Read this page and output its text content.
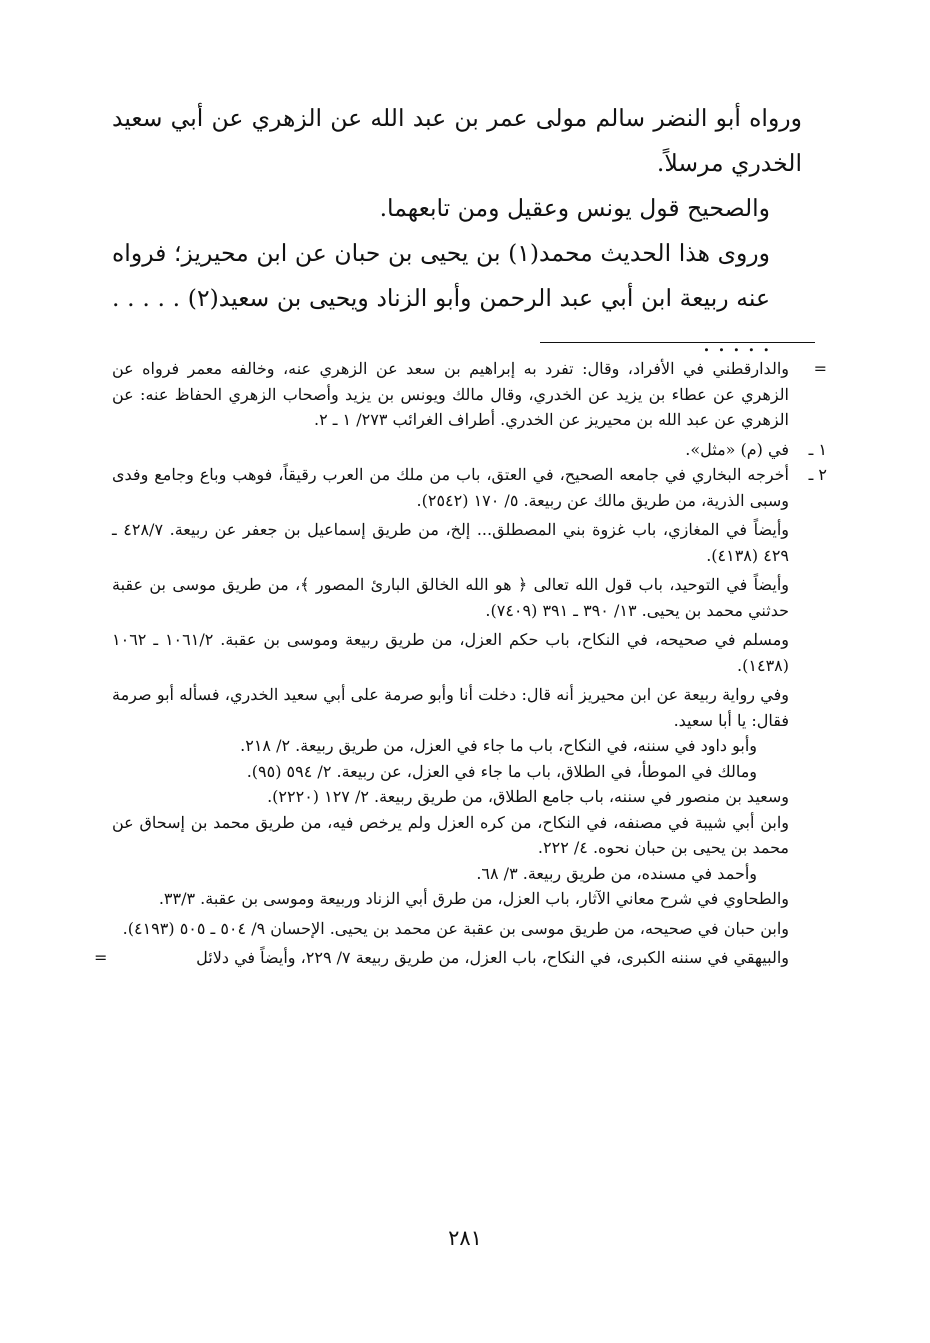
ورواه أبو النضر سالم مولى عمر بن عبد الله عن الزهري عن أبي سعيد الخدري مرسلاً.

والصحيح قول يونس وعقيل ومن تابعهما.

وروى هذا الحديث محمد(١) بن يحيى بن حبان عن ابن محيريز؛ فرواه عنه ربيعة ابن أبي عبد الرحمن وأبو الزناد ويحيى بن سعيد(٢) . . . . . . . . . .

=
والدارقطني في الأفراد، وقال: تفرد به إبراهيم بن سعد عن الزهري عنه، وخالفه معمر فرواه عن الزهري عن عطاء بن يزيد عن الخدري، وقال مالك ويونس بن يزيد وأصحاب الزهري الحفاظ عنه: عن الزهري عن عبد الله بن محيريز عن الخدري. أطراف الغرائب ٢٧٣/ ١ ـ ٢.

١ ـ
في (م) «مثل».

٢ ـ
أخرجه البخاري في جامعه الصحيح، في العتق، باب من ملك من العرب رقيقاً، فوهب وباع وجامع وفدى وسبى الذرية، من طريق مالك عن ربيعة. ٥/ ١٧٠ (٢٥٤٢).

وأيضاً في المغازي، باب غزوة بني المصطلق... إلخ، من طريق إسماعيل بن جعفر عن ربيعة. ٤٢٨/٧ ـ ٤٢٩ (٤١٣٨).

وأيضاً في التوحيد، باب قول الله تعالى ﴿ هو الله الخالق البارئ المصور ﴾، من طريق موسى بن عقبة حدثني محمد بن يحيى. ١٣/ ٣٩٠ ـ ٣٩١ (٧٤٠٩).

ومسلم في صحيحه، في النكاح، باب حكم العزل، من طريق ربيعة وموسى بن عقبة. ١٠٦١/٢ ـ ١٠٦٢ (١٤٣٨).

وفي رواية ربيعة عن ابن محيريز أنه قال: دخلت أنا وأبو صرمة على أبي سعيد الخدري، فسأله أبو صرمة فقال: يا أبا سعيد.

وأبو داود في سننه، في النكاح، باب ما جاء في العزل، من طريق ربيعة. ٢/ ٢١٨.

ومالك في الموطأ، في الطلاق، باب ما جاء في العزل، عن ربيعة. ٢/ ٥٩٤ (٩٥).

وسعيد بن منصور في سننه، باب جامع الطلاق، من طريق ربيعة. ٢/ ١٢٧ (٢٢٢٠).

وابن أبي شيبة في مصنفه، في النكاح، من كره العزل ولم يرخص فيه، من طريق محمد بن إسحاق عن محمد بن يحيى بن حبان نحوه. ٤/ ٢٢٢.

وأحمد في مسنده، من طريق ربيعة. ٣/ ٦٨.

والطحاوي في شرح معاني الآثار، باب العزل، من طرق أبي الزناد وربيعة وموسى بن عقبة. ٣٣/٣.

وابن حبان في صحيحه، من طريق موسى بن عقبة عن محمد بن يحيى. الإحسان ٩/ ٥٠٤ ـ ٥٠٥ (٤١٩٣).

والبيهقي في سننه الكبرى، في النكاح، باب العزل، من طريق ربيعة ٧/ ٢٢٩، وأيضاً في دلائل
=

٢٨١
